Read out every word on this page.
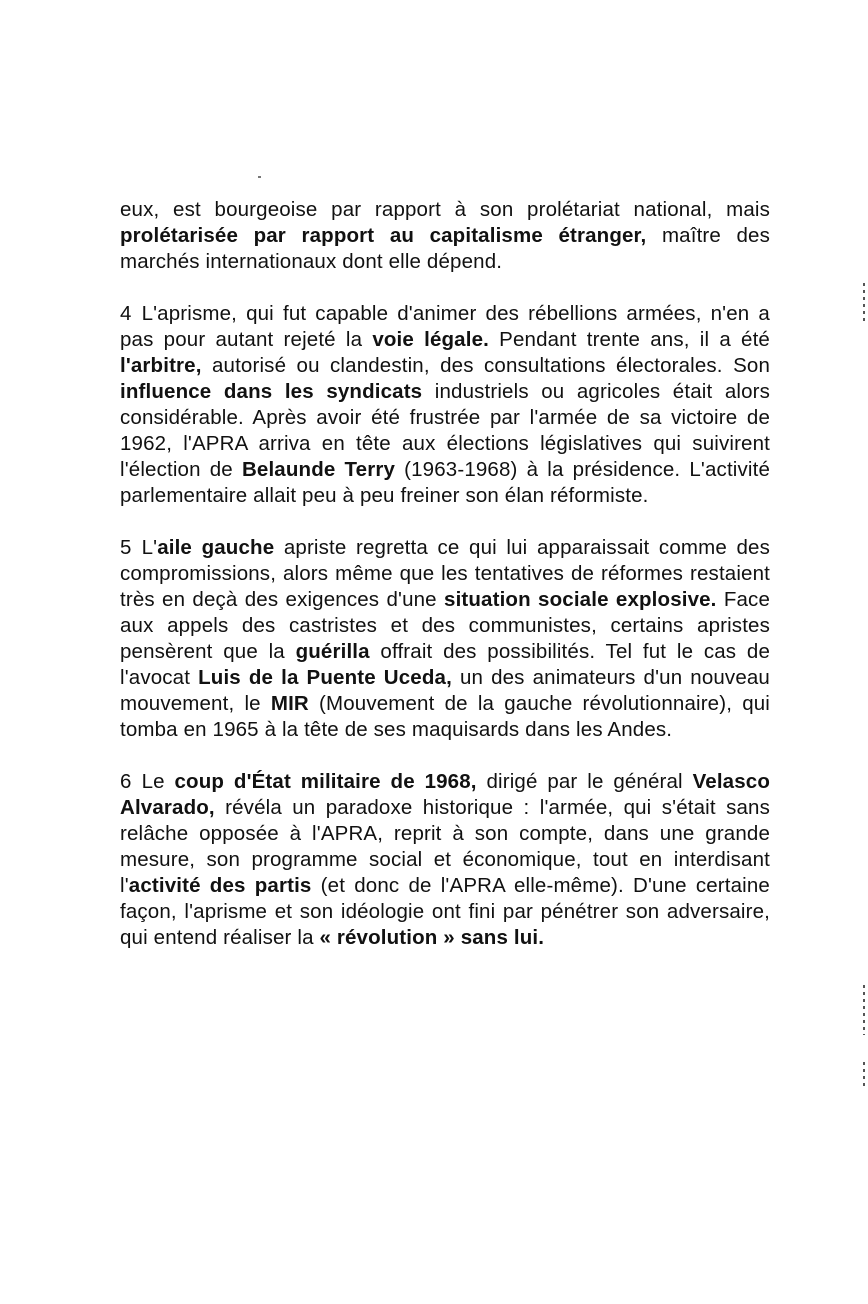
eux, est bourgeoise par rapport à son prolétariat national, mais prolétarisée par rapport au capitalisme étranger, maître des marchés internationaux dont elle dépend.

4 L'aprisme, qui fut capable d'animer des rébellions armées, n'en a pas pour autant rejeté la voie légale. Pendant trente ans, il a été l'arbitre, autorisé ou clandestin, des consultations électorales. Son influence dans les syndicats industriels ou agricoles était alors considérable. Après avoir été frustrée par l'armée de sa victoire de 1962, l'APRA arriva en tête aux élections législatives qui suivirent l'élection de Belaunde Terry (1963-1968) à la présidence. L'activité parlementaire allait peu à peu freiner son élan réformiste.

5 L'aile gauche apriste regretta ce qui lui apparaissait comme des compromissions, alors même que les tentatives de réformes restaient très en deçà des exigences d'une situation sociale explosive. Face aux appels des castristes et des communistes, certains apristes pensèrent que la guérilla offrait des possibilités. Tel fut le cas de l'avocat Luis de la Puente Uceda, un des animateurs d'un nouveau mouvement, le MIR (Mouvement de la gauche révolutionnaire), qui tomba en 1965 à la tête de ses maquisards dans les Andes.

6 Le coup d'État militaire de 1968, dirigé par le général Velasco Alvarado, révéla un paradoxe historique : l'armée, qui s'était sans relâche opposée à l'APRA, reprit à son compte, dans une grande mesure, son programme social et économique, tout en interdisant l'activité des partis (et donc de l'APRA elle-même). D'une certaine façon, l'aprisme et son idéologie ont fini par pénétrer son adversaire, qui entend réaliser la « révolution » sans lui.
